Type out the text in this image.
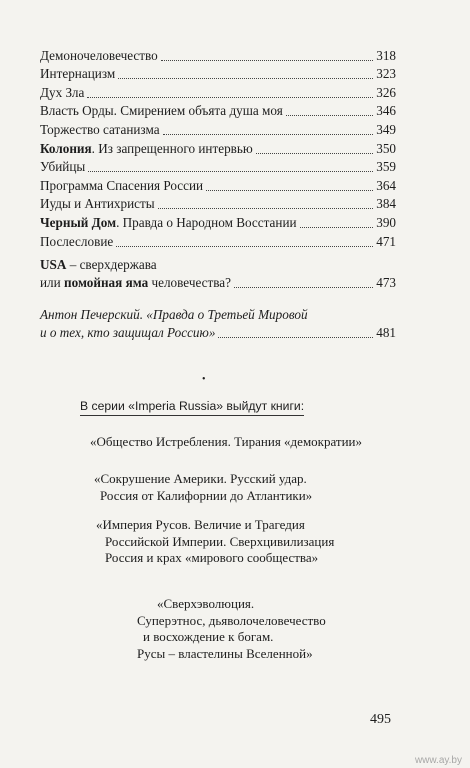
Демоночеловечество	318
Интернацизм	323
Дух Зла	326
Власть Орды. Смирением объята душа моя	346
Торжество сатанизма	349
Колония. Из запрещенного интервью	350
Убийцы	359
Программа Спасения России	364
Иуды и Антихристы	384
Черный Дом. Правда о Народном Восстании	390
Послесловие	471
USA – сверхдержава
или помойная яма человечества?	473
Антон Печерский. «Правда о Третьей Мировой
и о тех, кто защищал Россию»	481
•
В серии «Imperia Russia» выйдут книги:
«Общество Истребления. Тирания «демократии»
«Сокрушение Америки. Русский удар.
Россия от Калифорнии до Атлантики»
«Империя Русов. Величие и Трагедия
Российской Империи. Сверхцивилизация
Россия и крах «мирового сообщества»
«Сверхэволюция.
Суперэтнос, дьяволочеловечество
и восхождение к богам.
Русы – властелины Вселенной»
495
www.ay.by
